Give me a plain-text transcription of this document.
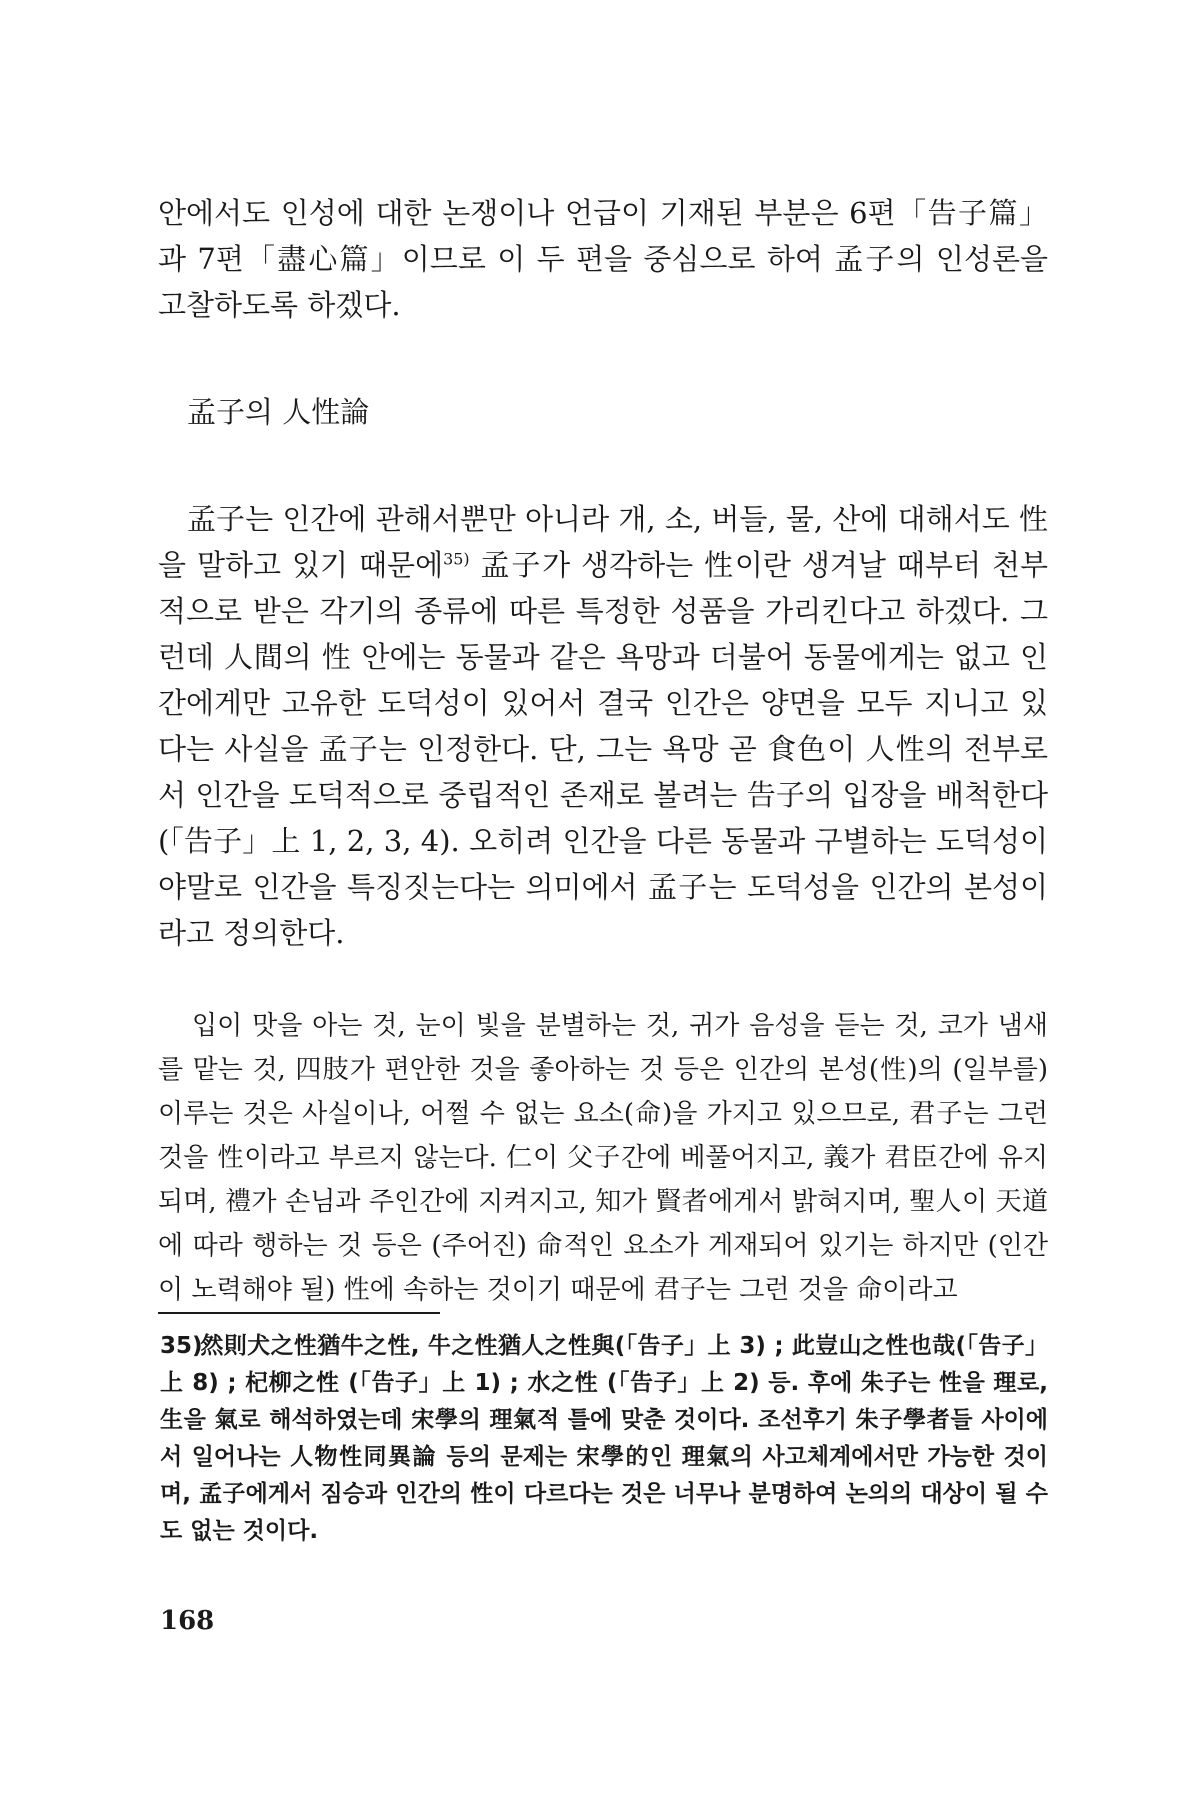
안에서도 인성에 대한 논쟁이나 언급이 기재된 부분은 6편「告子篇」과 7편「盡心篇」이므로 이 두 편을 중심으로 하여 孟子의 인성론을 고찰하도록 하겠다.

孟子의 人性論

孟子는 인간에 관해서뿐만 아니라 개, 소, 버들, 물, 산에 대해서도 性을 말하고 있기 때문에$^{35)}$ 孟子가 생각하는 性이란 생겨날 때부터 천부적으로 받은 각기의 종류에 따른 특정한 성품을 가리킨다고 하겠다. 그런데 人間의 性 안에는 동물과 같은 욕망과 더불어 동물에게는 없고 인간에게만 고유한 도덕성이 있어서 결국 인간은 양면을 모두 지니고 있다는 사실을 孟子는 인정한다. 단, 그는 욕망 곧 食色이 人性의 전부로서 인간을 도덕적으로 중립적인 존재로 볼려는 告子의 입장을 배척한다(「告子」上 1, 2, 3, 4). 오히려 인간을 다른 동물과 구별하는 도덕성이야말로 인간을 특징짓는다는 의미에서 孟子는 도덕성을 인간의 본성이라고 정의한다.

입이 맛을 아는 것, 눈이 빛을 분별하는 것, 귀가 음성을 듣는 것, 코가 냄새를 맡는 것, 四肢가 편안한 것을 좋아하는 것 등은 인간의 본성(性)의 (일부를) 이루는 것은 사실이나, 어쩔 수 없는 요소(命)을 가지고 있으므로, 君子는 그런 것을 性이라고 부르지 않는다. 仁이 父子간에 베풀어지고, 義가 君臣간에 유지되며, 禮가 손님과 주인간에 지켜지고, 知가 賢者에게서 밝혀지며, 聖人이 天道에 따라 행하는 것 등은 (주어진) 命적인 요소가 게재되어 있기는 하지만 (인간이 노력해야 될) 性에 속하는 것이기 때문에 君子는 그런 것을 命이라고

35)然則犬之性猶牛之性, 牛之性猶人之性與(「告子」上 3) ; 此豈山之性也哉(「告子」上 8) ; 杞柳之性 (「告子」上 1) ; 水之性 (「告子」上 2) 등. 후에 朱子는 性을 理로, 生을 氣로 해석하였는데 宋學의 理氣적 틀에 맞춘 것이다. 조선후기 朱子學者들 사이에서 일어나는 人物性同異論 등의 문제는 宋學的인 理氣의 사고체계에서만 가능한 것이며, 孟子에게서 짐승과 인간의 性이 다르다는 것은 너무나 분명하여 논의의 대상이 될 수도 없는 것이다.
168
